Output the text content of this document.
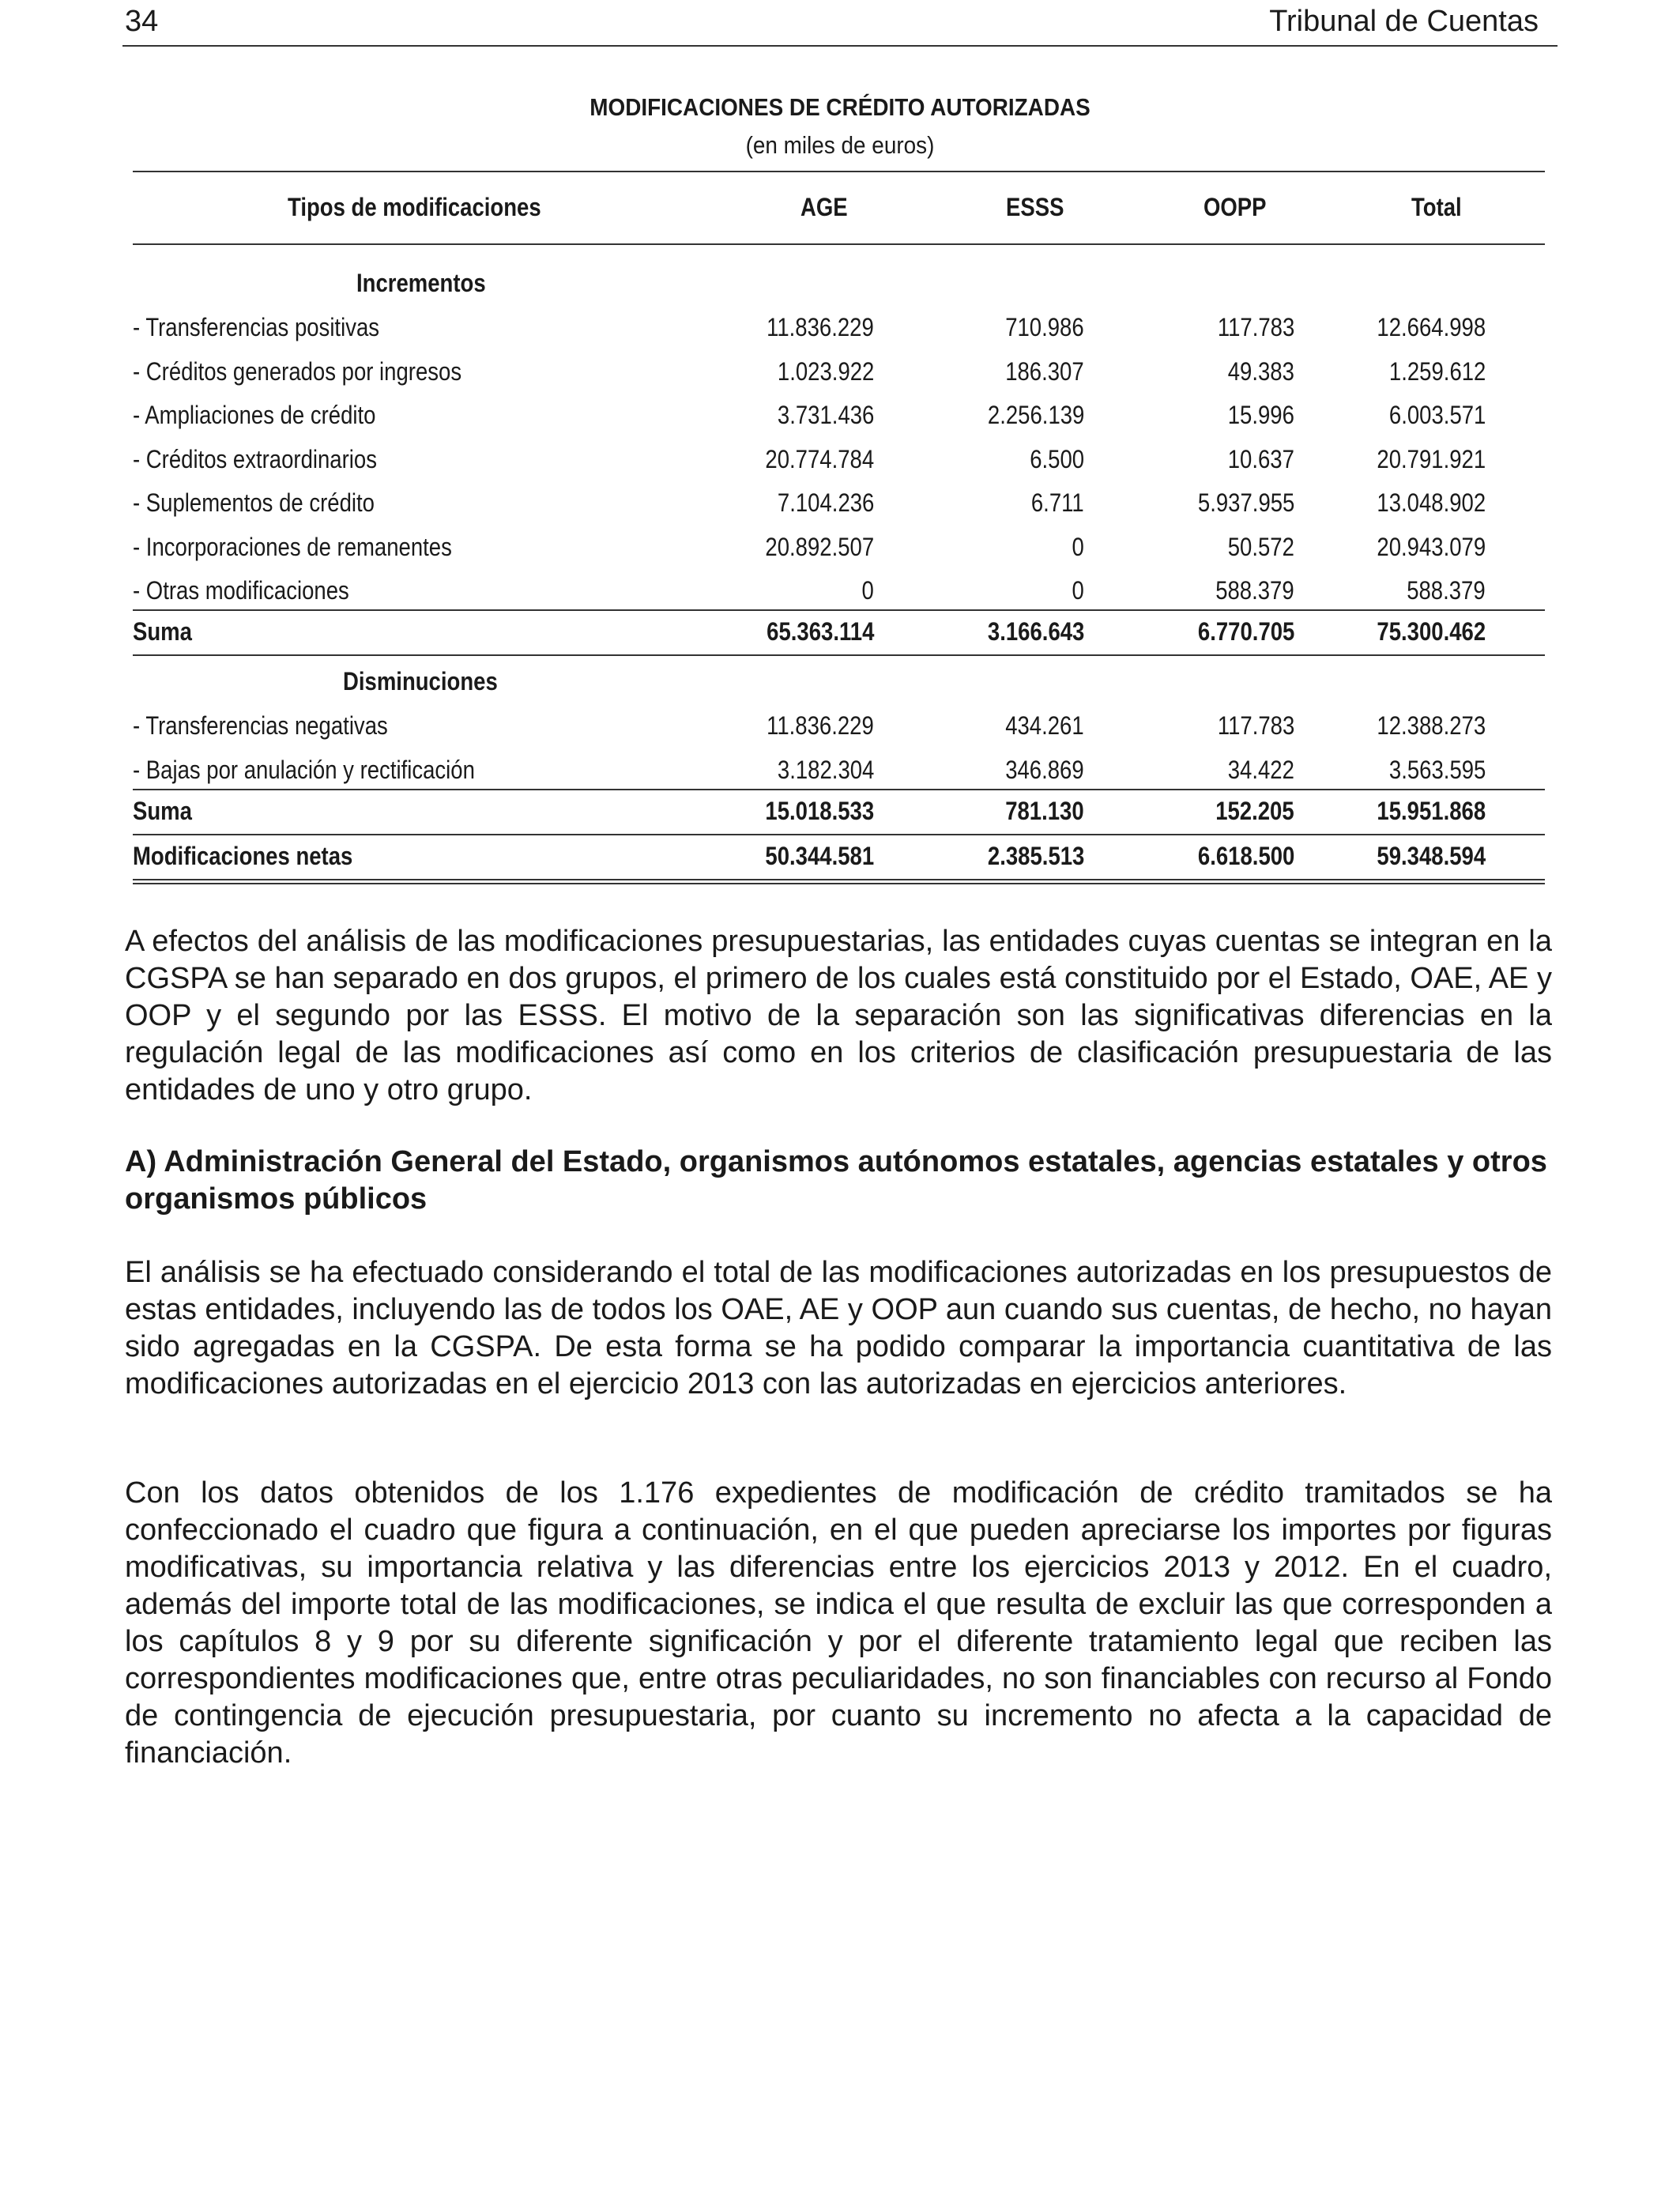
34	Tribunal de Cuentas
MODIFICACIONES DE CRÉDITO AUTORIZADAS
(en miles de euros)
Tipos de modificaciones	AGE	ESSS	OOPP	Total
Incrementos
- Transferencias positivas	11.836.229	710.986	117.783	12.664.998
- Créditos generados por ingresos	1.023.922	186.307	49.383	1.259.612
- Ampliaciones de crédito	3.731.436	2.256.139	15.996	6.003.571
- Créditos extraordinarios	20.774.784	6.500	10.637	20.791.921
- Suplementos de crédito	7.104.236	6.711	5.937.955	13.048.902
- Incorporaciones de remanentes	20.892.507	0	50.572	20.943.079
- Otras modificaciones	0	0	588.379	588.379
Suma	65.363.114	3.166.643	6.770.705	75.300.462
Disminuciones
- Transferencias negativas	11.836.229	434.261	117.783	12.388.273
- Bajas por anulación y rectificación	3.182.304	346.869	34.422	3.563.595
Suma	15.018.533	781.130	152.205	15.951.868
Modificaciones netas	50.344.581	2.385.513	6.618.500	59.348.594
A efectos del análisis de las modificaciones presupuestarias, las entidades cuyas cuentas se integran en la CGSPA se han separado en dos grupos, el primero de los cuales está constituido por el Estado, OAE, AE y OOP y el segundo por las ESSS. El motivo de la separación son las significativas diferencias en la regulación legal de las modificaciones así como en los criterios de clasificación presupuestaria de las entidades de uno y otro grupo.
A) Administración General del Estado, organismos autónomos estatales, agencias estatales y otros organismos públicos
El análisis se ha efectuado considerando el total de las modificaciones autorizadas en los presupuestos de estas entidades, incluyendo las de todos los OAE, AE y OOP aun cuando sus cuentas, de hecho, no hayan sido agregadas en la CGSPA. De esta forma se ha podido comparar la importancia cuantitativa de las modificaciones autorizadas en el ejercicio 2013 con las autorizadas en ejercicios anteriores.
Con los datos obtenidos de los 1.176 expedientes de modificación de crédito tramitados se ha confeccionado el cuadro que figura a continuación, en el que pueden apreciarse los importes por figuras modificativas, su importancia relativa y las diferencias entre los ejercicios 2013 y 2012. En el cuadro, además del importe total de las modificaciones, se indica el que resulta de excluir las que corresponden a los capítulos 8 y 9 por su diferente significación y por el diferente tratamiento legal que reciben las correspondientes modificaciones que, entre otras peculiaridades, no son financiables con recurso al Fondo de contingencia de ejecución presupuestaria, por cuanto su incremento no afecta a la capacidad de financiación.
